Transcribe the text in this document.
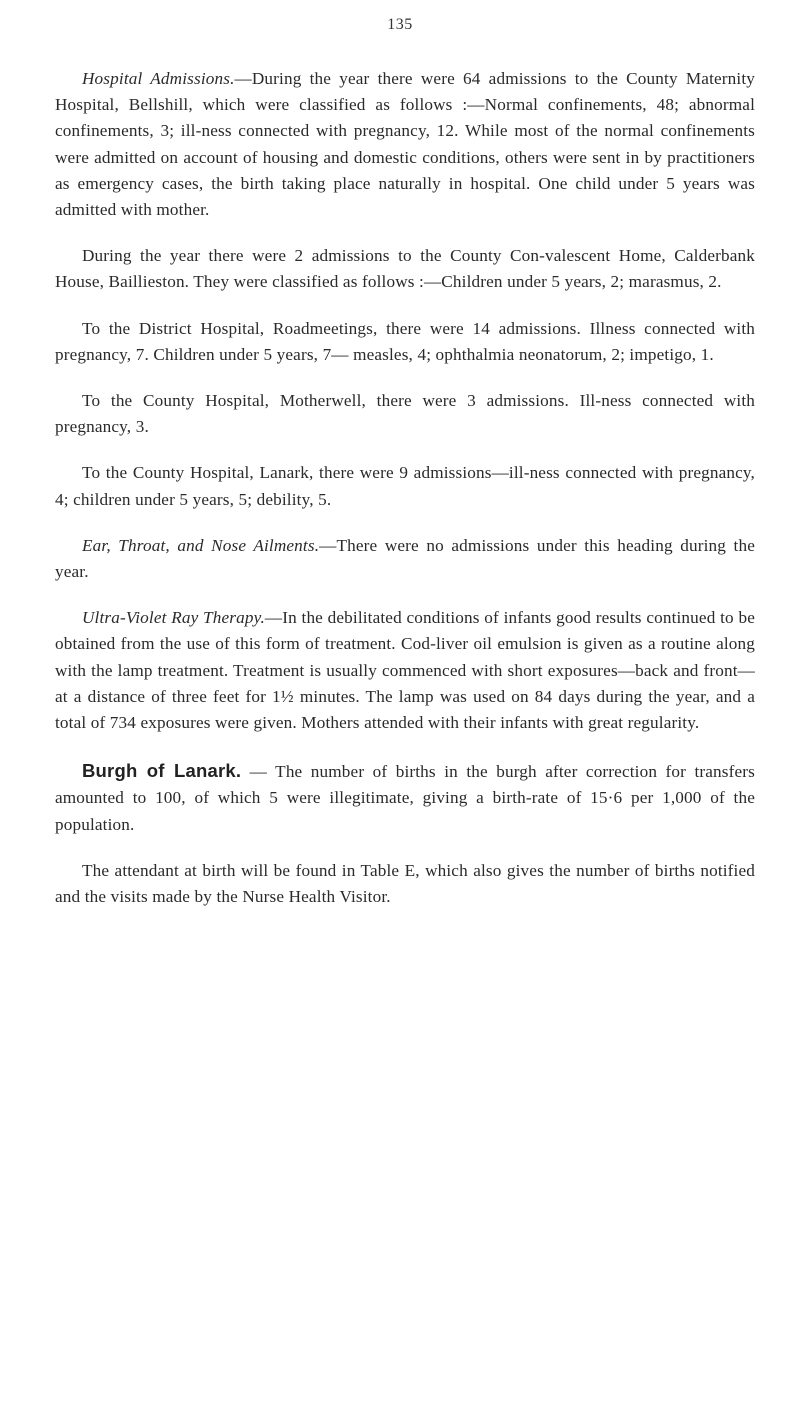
135

Hospital Admissions.—During the year there were 64 admissions to the County Maternity Hospital, Bellshill, which were classified as follows :—Normal confinements, 48; abnormal confinements, 3; ill-ness connected with pregnancy, 12. While most of the normal confinements were admitted on account of housing and domestic conditions, others were sent in by practitioners as emergency cases, the birth taking place naturally in hospital. One child under 5 years was admitted with mother.

During the year there were 2 admissions to the County Con-valescent Home, Calderbank House, Baillieston. They were classified as follows :—Children under 5 years, 2; marasmus, 2.

To the District Hospital, Roadmeetings, there were 14 admissions. Illness connected with pregnancy, 7. Children under 5 years, 7— measles, 4; ophthalmia neonatorum, 2; impetigo, 1.

To the County Hospital, Motherwell, there were 3 admissions. Ill-ness connected with pregnancy, 3.

To the County Hospital, Lanark, there were 9 admissions—ill-ness connected with pregnancy, 4; children under 5 years, 5; debility, 5.

Ear, Throat, and Nose Ailments.—There were no admissions under this heading during the year.

Ultra-Violet Ray Therapy.—In the debilitated conditions of infants good results continued to be obtained from the use of this form of treatment. Cod-liver oil emulsion is given as a routine along with the lamp treatment. Treatment is usually commenced with short exposures—back and front—at a distance of three feet for 1½ minutes. The lamp was used on 84 days during the year, and a total of 734 exposures were given. Mothers attended with their infants with great regularity.

Burgh of Lanark. — The number of births in the burgh after correction for transfers amounted to 100, of which 5 were illegitimate, giving a birth-rate of 15·6 per 1,000 of the population.

The attendant at birth will be found in Table E, which also gives the number of births notified and the visits made by the Nurse Health Visitor.
